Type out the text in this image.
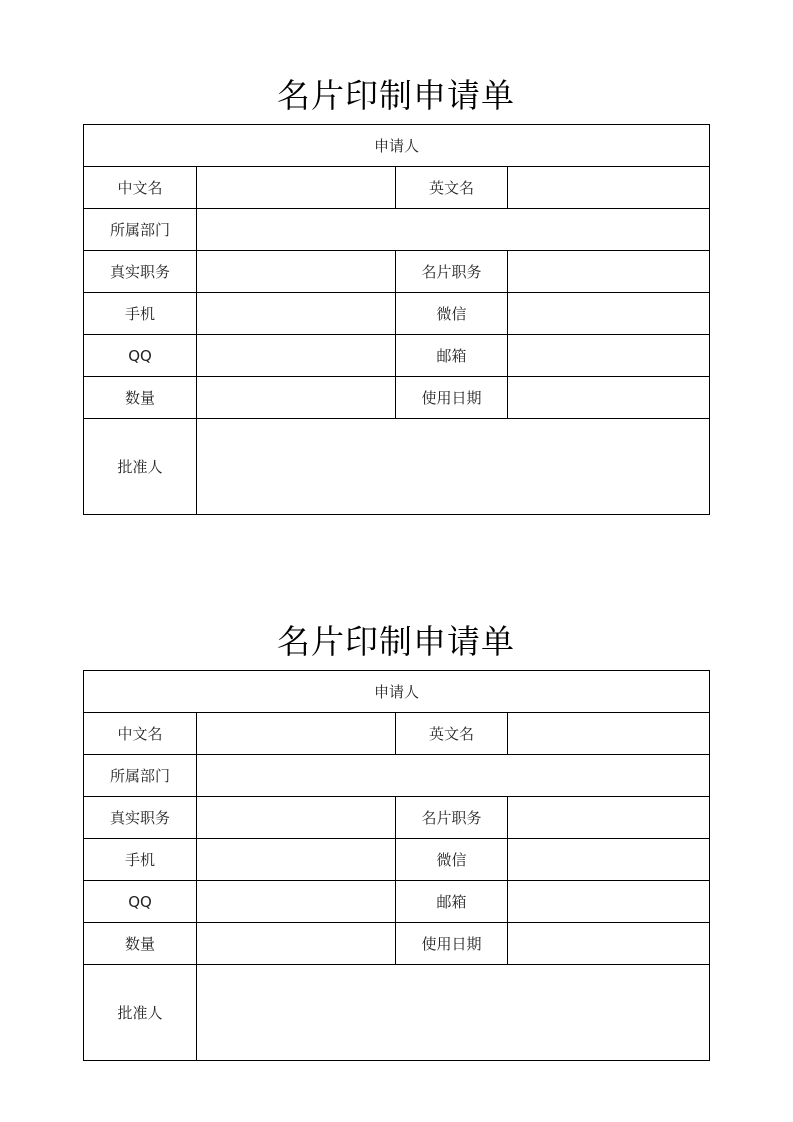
名片印制申请单
申请人			
中文名		英文名	
所属部门			
真实职务		名片职务	
手机		微信	
QQ		邮箱	
数量		使用日期	
批准人			
名片印制申请单
申请人			
中文名		英文名	
所属部门			
真实职务		名片职务	
手机		微信	
QQ		邮箱	
数量		使用日期	
批准人			
